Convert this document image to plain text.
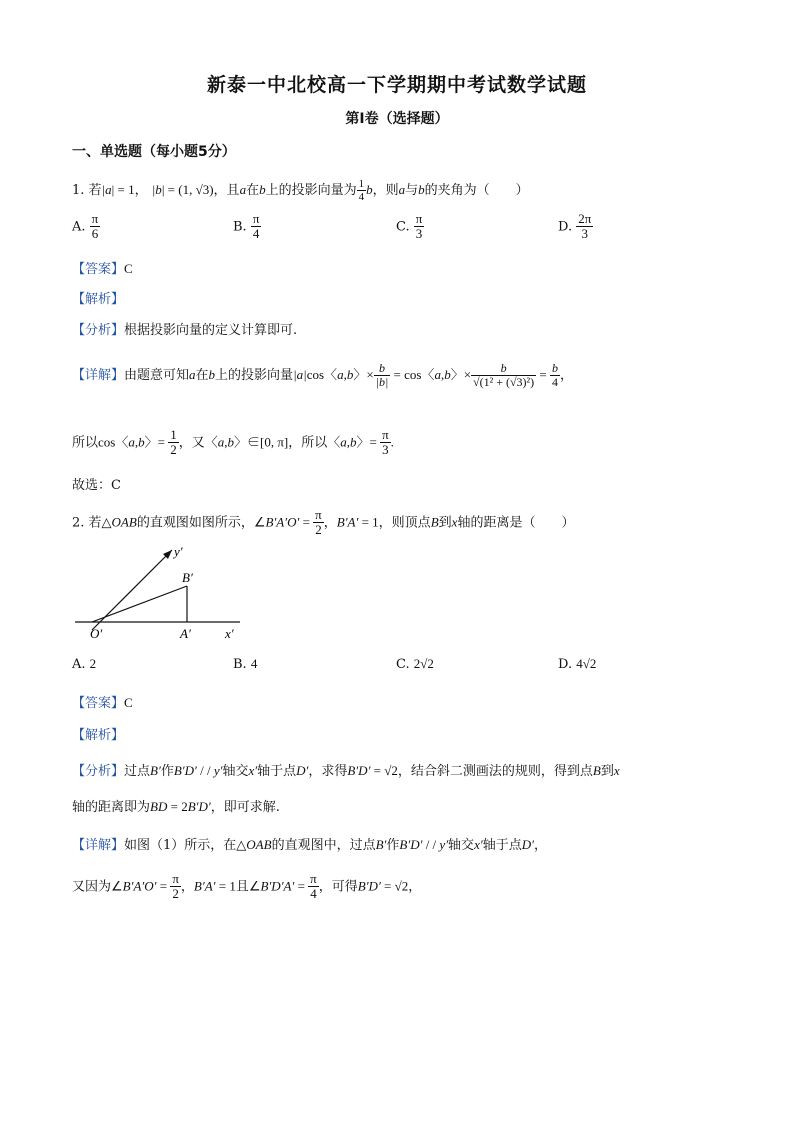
新泰一中北校高一下学期期中考试数学试题
第I卷（选择题）
一、单选题（每小题5分）
1. 若|a| = 1， |b| = (1, √3)，且a在b上的投影向量为 $\frac{1}{4}$ b，则a与b的夹角为（　　）
A. $\frac{\pi}{6}$	B. $\frac{\pi}{4}$	C. $\frac{\pi}{3}$	D. $\frac{2\pi}{3}$
【答案】C
【解析】
【分析】根据投影向量的定义计算即可.
【详解】由题意可知a在b上的投影向量|a|cos〈a,b〉× $\frac{b}{|b|} = \cos$〈a,b〉× $\frac{b}{\text{√(1² + (√3)²)}} = \frac{b}{4}$ ，
所以cos〈a,b〉= $\frac{1}{2}$ ，又〈a,b〉∈[0, π]，所以〈a,b〉= $\frac{\pi}{3}$ .
故选：C
2. 若△OAB的直观图如图所示，∠B′A′O′ = $\frac{\pi}{2}$ ，B′A′ = 1，则顶点B到x轴的距离是（　　）
y′
B′
O′	A′	x′
A. 2	B. 4	C. 2√2	D. 4√2
【答案】C
【解析】
【分析】过点B′作B′D′ / / y′轴交x′轴于点D′，求得B′D′ = √2，结合斜二测画法的规则，得到点B到x
轴的距离即为BD = 2B′D′，即可求解.
【详解】如图（1）所示，在△OAB的直观图中，过点B′作B′D′ / / y′轴交x′轴于点D′，
又因为∠B′A′O′ = $\frac{\pi}{2}$ ，B′A′ = 1且∠B′D′A′ = $\frac{\pi}{4}$ ，可得B′D′ = √2，
